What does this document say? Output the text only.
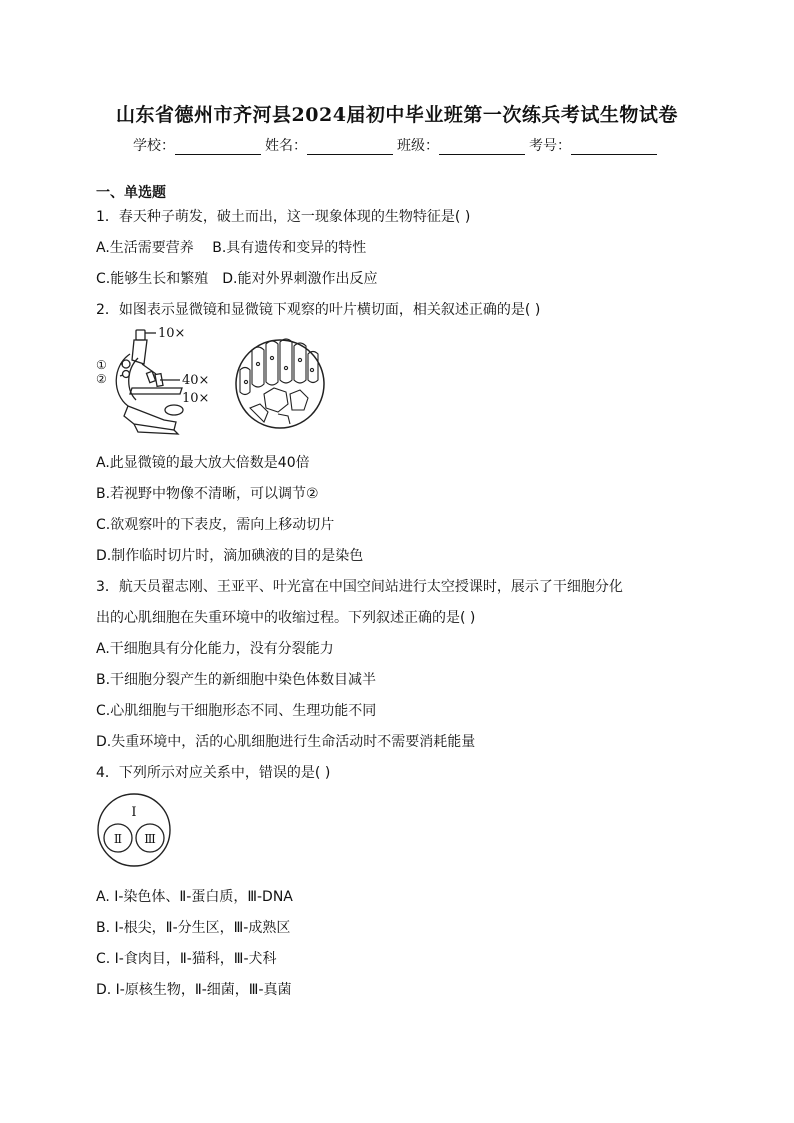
山东省德州市齐河县2024届初中毕业班第一次练兵考试生物试卷
学校：	姓名：	班级：	考号：
一、单选题
1．春天种子萌发，破土而出，这一现象体现的生物特征是( )
A.生活需要营养　 B.具有遗传和变异的特性
C.能够生长和繁殖　D.能对外界刺激作出反应
2．如图表示显微镜和显微镜下观察的叶片横切面，相关叙述正确的是( )
10×
①
②	40×
10×
A.此显微镜的最大放大倍数是40倍
B.若视野中物像不清晰，可以调节②
C.欲观察叶的下表皮，需向上移动切片
D.制作临时切片时，滴加碘液的目的是染色
3．航天员翟志刚、王亚平、叶光富在中国空间站进行太空授课时，展示了干细胞分化
出的心肌细胞在失重环境中的收缩过程。下列叙述正确的是( )
A.干细胞具有分化能力，没有分裂能力
B.干细胞分裂产生的新细胞中染色体数目减半
C.心肌细胞与干细胞形态不同、生理功能不同
D.失重环境中，活的心肌细胞进行生命活动时不需要消耗能量
4．下列所示对应关系中，错误的是( )
Ⅰ
Ⅱ Ⅲ
A. Ⅰ-染色体、Ⅱ-蛋白质，Ⅲ-DNA
B. Ⅰ-根尖，Ⅱ-分生区，Ⅲ-成熟区
C. Ⅰ-食肉目，Ⅱ-猫科，Ⅲ-犬科
D. Ⅰ-原核生物，Ⅱ-细菌，Ⅲ-真菌
